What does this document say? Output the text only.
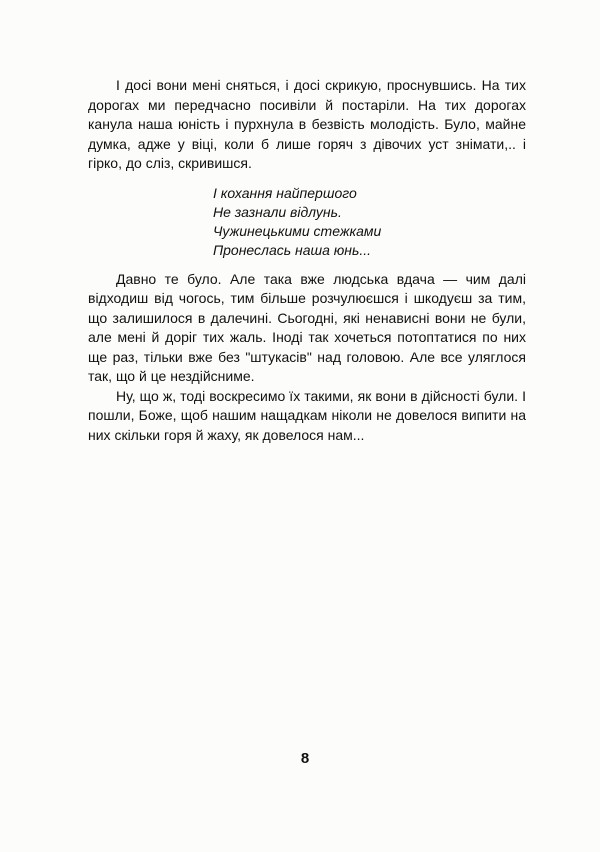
І досі вони мені сняться, і досі скрикую, проснувшись. На тих дорогах ми передчасно посивіли й постаріли. На тих дорогах канула наша юність і пурхнула в безвість молодість. Було, майне думка, адже у віці, коли б лише горяч з дівочих уст знімати,.. і гірко, до сліз, скривишся.

І кохання найпершого
Не зазнали відлунь.
Чужинецькими стежками
Пронеслась наша юнь...

Давно те було. Але така вже людська вдача — чим далі відходиш від чогось, тим більше розчулюєшся і шкодуєш за тим, що залишилося в далечині. Сьогодні, які ненависні вони не були, але мені й доріг тих жаль. Іноді так хочеться потоптатися по них ще раз, тільки вже без "штукасів" над головою. Але все уляглося так, що й це нездійсниме.

Ну, що ж, тоді воскресимо їх такими, як вони в дійсності були. І пошли, Боже, щоб нашим нащадкам ніколи не довелося випити на них скільки горя й жаху, як довелося нам...

8
